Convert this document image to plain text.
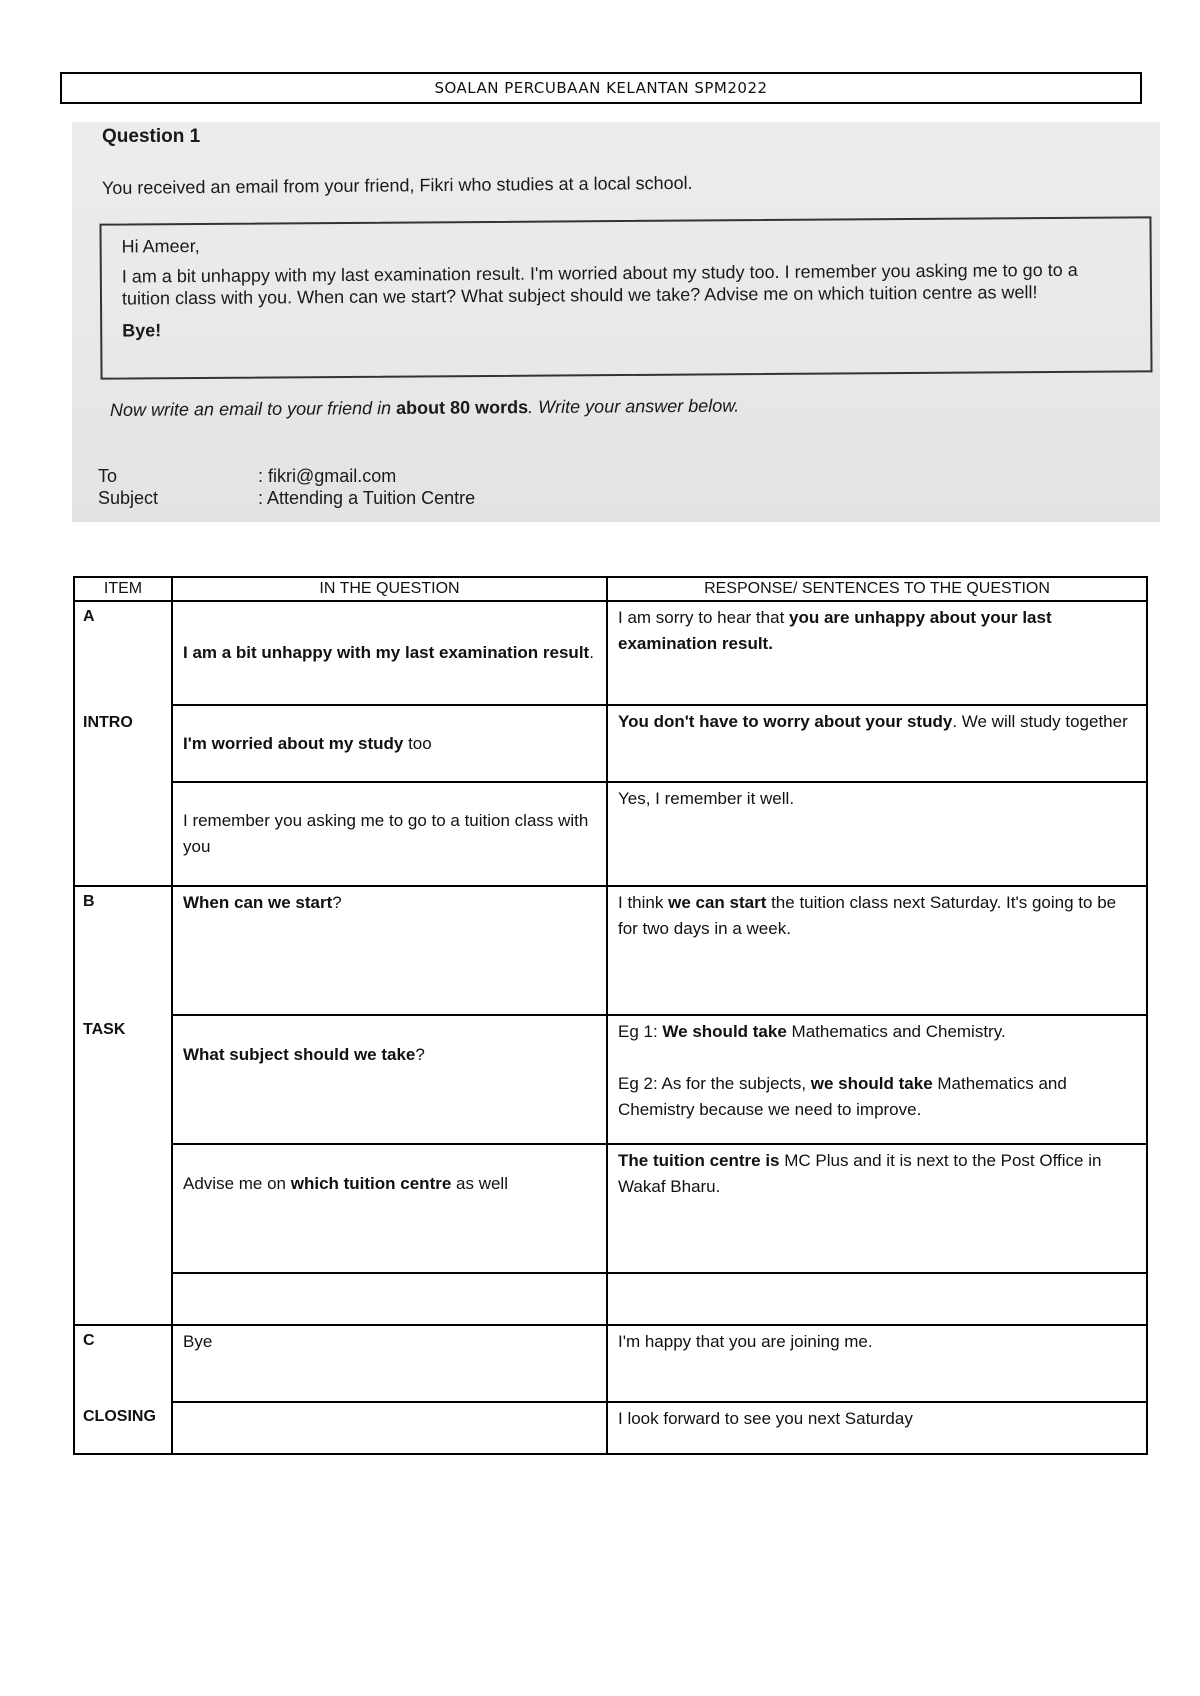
SOALAN PERCUBAAN KELANTAN SPM2022
Question 1
You received an email from your friend, Fikri who studies at a local school.
Hi Ameer,
I am a bit unhappy with my last examination result. I'm worried about my study too. I remember you asking me to go to a tuition class with you. When can we start? What subject should we take? Advise me on which tuition centre as well!
Bye!
Now write an email to your friend in about 80 words. Write your answer below.
To	: fikri@gmail.com
Subject	: Attending a Tuition Centre
ITEM	IN THE QUESTION	RESPONSE/ SENTENCES TO THE QUESTION

A
INTRO	I am a bit unhappy with my last examination result.	I am sorry to hear that you are unhappy about your last examination result.
	I'm worried about my study too	You don't have to worry about your study. We will study together
	I remember you asking me to go to a tuition class with you	Yes, I remember it well.

B
TASK	When can we start?	I think we can start the tuition class next Saturday. It's going to be for two days in a week.

	What subject should we take?	Eg 1: We should take Mathematics and Chemistry.
Eg 2: As for the subjects, we should take Mathematics and Chemistry because we need to improve.

	Advise me on which tuition centre as well	The tuition centre is MC Plus and it is next to the Post Office in Wakaf Bharu.

C
CLOSING	Bye	I'm happy that you are joining me.
		I look forward to see you next Saturday
